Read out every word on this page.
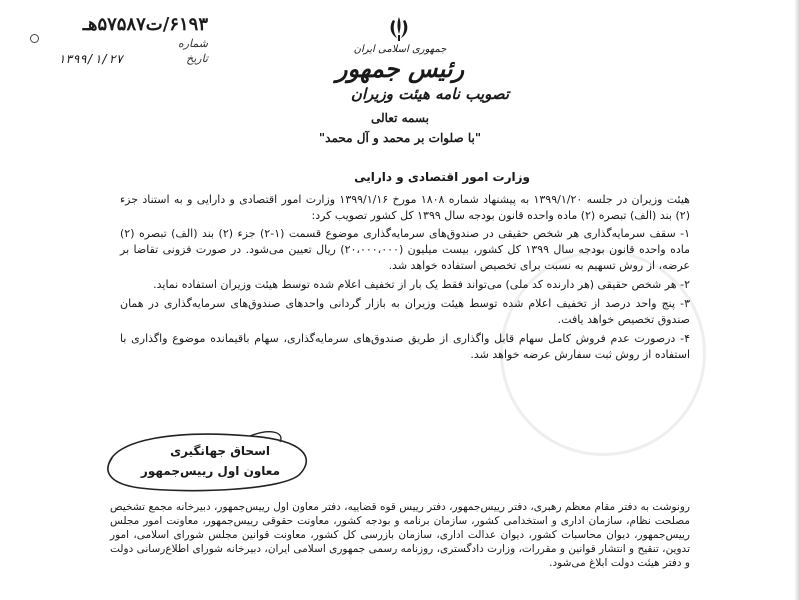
۶۱۹۳/ت۵۷۵۸۷هـ
شماره
تاریخ
۱۳۹۹/۱/۲۷
جمهوری اسلامی ایران
رئیس جمهور
تصویب نامه هیئت وزیران
بسمه تعالی
"با صلوات بر محمد و آل محمد"
وزارت امور اقتصادی و دارایی

هیئت وزیران در جلسه ۱۳۹۹/۱/۲۰ به پیشنهاد شماره ۱۸۰۸ مورخ ۱۳۹۹/۱/۱۶ وزارت امور اقتصادی و دارایی و به استناد جزء (۲) بند (الف) تبصره (۲) ماده واحده قانون بودجه سال ۱۳۹۹ کل کشور تصویب کرد:

۱- سقف سرمایه‌گذاری هر شخص حقیقی در صندوق‌های سرمایه‌گذاری موضوع قسمت (۱-۲) جزء (۲) بند (الف) تبصره (۲) ماده واحده قانون بودجه سال ۱۳۹۹ کل کشور، بیست میلیون (۲۰،۰۰۰،۰۰۰) ریال تعیین می‌شود. در صورت فزونی تقاضا بر عرضه، از روش تسهیم به نسبت برای تخصیص استفاده خواهد شد.

۲- هر شخص حقیقی (هر دارنده کد ملی) می‌تواند فقط یک بار از تخفیف اعلام شده توسط هیئت وزیران استفاده نماید.

۳- پنج واحد درصد از تخفیف اعلام شده توسط هیئت وزیران به بازار گردانی واحدهای صندوق‌های سرمایه‌گذاری در همان صندوق تخصیص خواهد یافت.

۴- درصورت عدم فروش کامل سهام قابل واگذاری از طریق صندوق‌های سرمایه‌گذاری، سهام باقیمانده موضوع واگذاری با استفاده از روش ثبت سفارش عرضه خواهد شد.

اسحاق جهانگیری
معاون اول رییس‌جمهور
رونوشت به دفتر مقام معظم رهبری، دفتر رییس‌جمهور، دفتر رییس قوه قضاییه، دفتر معاون اول رییس‌جمهور، دبیرخانه مجمع تشخیص مصلحت نظام، سازمان اداری و استخدامی کشور، سازمان برنامه و بودجه کشور، معاونت حقوقی رییس‌جمهور، معاونت امور مجلس رییس‌جمهور، دیوان محاسبات کشور، دیوان عدالت اداری، سازمان بازرسی کل کشور، معاونت قوانین مجلس شورای اسلامی، امور تدوین، تنقیح و انتشار قوانین و مقررات، وزارت دادگستری، روزنامه رسمی جمهوری اسلامی ایران، دبیرخانه شورای اطلاع‌رسانی دولت و دفتر هیئت دولت ابلاغ می‌شود.
